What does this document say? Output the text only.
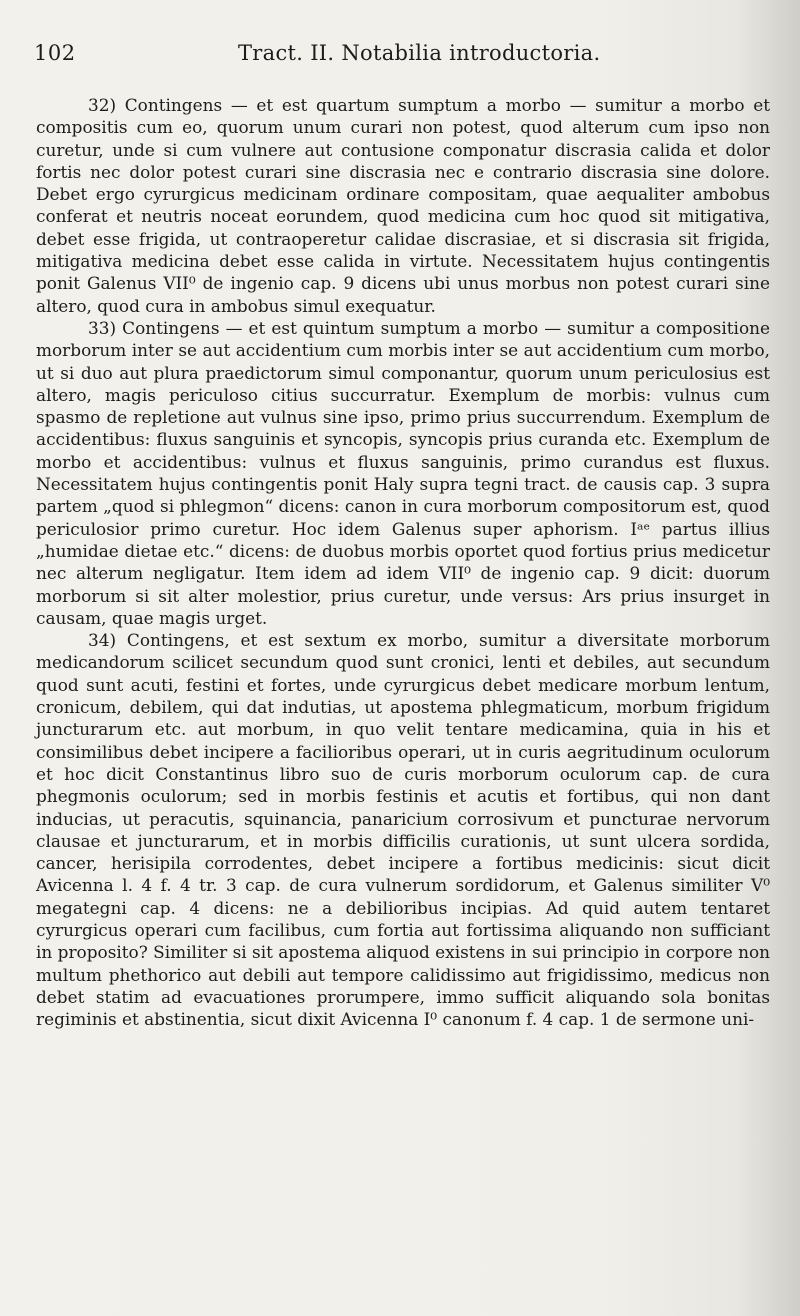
102	Tract. II. Notabilia introductoria.

32) Contingens — et est quartum sumptum a morbo — sumitur a morbo et compositis cum eo, quorum unum curari non potest, quod alterum cum ipso non curetur, unde si cum vulnere aut contusione componatur discrasia calida et dolor fortis nec dolor potest curari sine discrasia nec e contrario discrasia sine dolore. Debet ergo cyrurgicus medicinam ordinare compositam, quae aequaliter ambobus conferat et neutris noceat eorundem, quod medicina cum hoc quod sit mitigativa, debet esse frigida, ut contraoperetur calidae discrasiae, et si discrasia sit frigida, mitigativa medicina debet esse calida in virtute. Necessitatem hujus contingentis ponit Galenus VII⁰ de ingenio cap. 9 dicens ubi unus morbus non potest curari sine altero, quod cura in ambobus simul exequatur.

33) Contingens — et est quintum sumptum a morbo — sumitur a compositione morborum inter se aut accidentium cum morbis inter se aut accidentium cum morbo, ut si duo aut plura praedictorum simul componantur, quorum unum periculosius est altero, magis periculoso citius succurratur. Exemplum de morbis: vulnus cum spasmo de repletione aut vulnus sine ipso, primo prius succurrendum. Exemplum de accidentibus: fluxus sanguinis et syncopis, syncopis prius curanda etc. Exemplum de morbo et accidentibus: vulnus et fluxus sanguinis, primo curandus est fluxus. Necessitatem hujus contingentis ponit Haly supra tegni tract. de causis cap. 3 supra partem „quod si phlegmon“ dicens: canon in cura morborum compositorum est, quod periculosior primo curetur. Hoc idem Galenus super aphorism. Iᵃᵉ partus illius „humidae dietae etc.“ dicens: de duobus morbis oportet quod fortius prius medicetur nec alterum negligatur. Item idem ad idem VII⁰ de ingenio cap. 9 dicit: duorum morborum si sit alter molestior, prius curetur, unde versus: Ars prius insurget in causam, quae magis urget.

34) Contingens, et est sextum ex morbo, sumitur a diversitate morborum medicandorum scilicet secundum quod sunt cronici, lenti et debiles, aut secundum quod sunt acuti, festini et fortes, unde cyrurgicus debet medicare morbum lentum, cronicum, debilem, qui dat indutias, ut apostema phlegmaticum, morbum frigidum juncturarum etc. aut morbum, in quo velit tentare medicamina, quia in his et consimilibus debet incipere a facilioribus operari, ut in curis aegritudinum oculorum et hoc dicit Constantinus libro suo de curis morborum oculorum cap. de cura phegmonis oculorum; sed in morbis festinis et acutis et fortibus, qui non dant inducias, ut peracutis, squinancia, panaricium corrosivum et puncturae nervorum clausae et juncturarum, et in morbis difficilis curationis, ut sunt ulcera sordida, cancer, herisipila corrodentes, debet incipere a fortibus medicinis: sicut dicit Avicenna l. 4 f. 4 tr. 3 cap. de cura vulnerum sordidorum, et Galenus similiter V⁰ megategni cap. 4 dicens: ne a debilioribus incipias. Ad quid autem tentaret cyrurgicus operari cum facilibus, cum fortia aut fortissima aliquando non sufficiant in proposito? Similiter si sit apostema aliquod existens in sui principio in corpore non multum phethorico aut debili aut tempore calidissimo aut frigidissimo, medicus non debet statim ad evacuationes prorumpere, immo sufficit aliquando sola bonitas regiminis et abstinentia, sicut dixit Avicenna I⁰ canonum f. 4 cap. 1 de sermone uni-
